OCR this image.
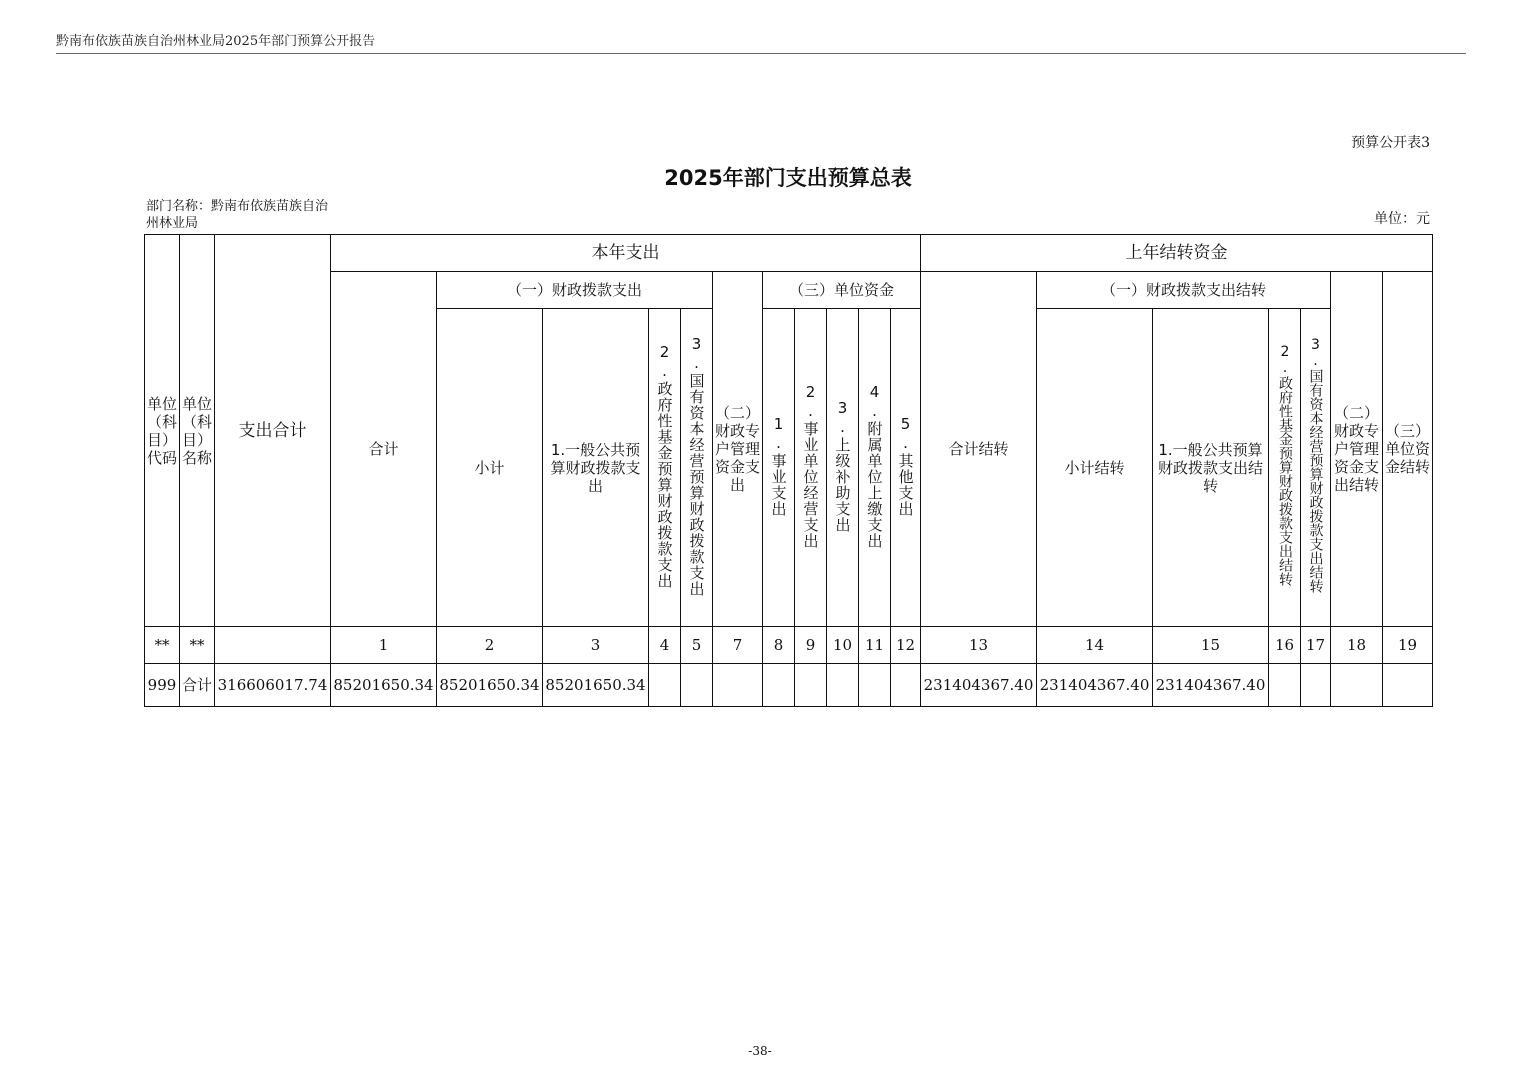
黔南布依族苗族自治州林业局2025年部门预算公开报告
预算公开表3
2025年部门支出预算总表
部门名称：黔南布依族苗族自治州林业局	单位：元
单位（科目）代码	单位（科目）名称	支出合计	本年支出											上年结转资金						
			合计	（一）财政拨款支出				（二）财政专户管理资金支出	（三）单位资金					合计结转	（一）财政拨款支出结转				（二）财政专户管理资金支出结转	（三）单位资金结转

				小计	1.一般公共预算财政拨款支出	2.政府性基金预算财政拨款支出	3.国有资本经营预算财政拨款支出		1.事业支出	2.事业单位经营支出	3.上级补助支出	4.附属单位上缴支出	5.其他支出		小计结转	1.一般公共预算财政拨款支出结转	2.政府性基金预算财政拨款支出结转	3.国有资本经营预算财政拨款支出结转		
**	**		1	2	3	4	5	7	8	9	10	11	12	13	14	15	16	17	18	19
999	合计	316606017.74	85201650.34	85201650.34	85201650.34									231404367.40	231404367.40	231404367.40				
-38-
